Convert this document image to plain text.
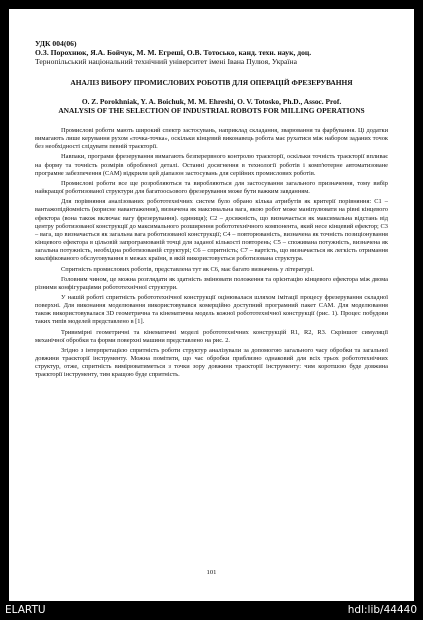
УДК 004(06)

О.З. Порохнюк, Я.А. Бойчук, М. М. Егреші, О.В. Тотосько, канд. техн. наук, доц.

Тернопільський національний технічний університет імені Івана Пулюя, Україна

АНАЛІЗ ВИБОРУ ПРОМИСЛОВИХ РОБОТІВ ДЛЯ ОПЕРАЦІЙ ФРЕЗЕРУВАННЯ

O. Z. Porokhniak, Y. A. Boichuk, M. M. Ehreshi, O. V. Totosko, Ph.D., Assoc. Prof.

ANALYSIS OF THE SELECTION OF INDUSTRIAL ROBOTS FOR MILLING OPERATIONS

Промислові роботи мають широкий спектр застосувань, наприклад складання, зварювання та фарбування. Ці додатки вимагають лише керування рухом «точка-точка», оскільки кінцевий виконавець робота має рухатися між набором заданих точок без необхідності слідувати певній траєкторії.

Навпаки, програми фрезерування вимагають безперервного контролю траєкторії, оскільки точність траєкторії впливає на форму та точність розмірів обробленої деталі. Останні досягнення в технології роботів і комп'ютерне автоматизоване програмне забезпечення (CAM) відкрили цей діапазон застосувань для серійних промислових роботів.

Промислові роботи все ще розробляються та виробляються для застосування загального призначення, тому вибір найкращої роботизованої структури для багатоосьового фрезерування може бути важким завданням.

Для порівняння аналізованих робототехнічних систем було обрано кілька атрибутів як критерії порівняння: С1 – вантажопідйомність (корисне навантаження), визначена як максимальна вага, якою робот може маніпулювати на рівні кінцевого ефектора (вона також включає вагу фрезерування). одиниця); С2 – досяжність, що визначається як максимальна відстань від центру роботизованої конструкції до максимального розширення робототехнічного компонента, який несе кінцевий ефектор; С3 – вага, що визначається як загальна вага роботизованої конструкції; С4 – повторюваність, визначена як точність позиціонування кінцевого ефектора в цільовій запрограмованій точці для заданої кількості повторень; С5 – споживана потужність, визначена як загальна потужність, необхідна роботизованій структурі; С6 – спритність; С7 – вартість, що визначається як легкість отримання кваліфікованого обслуговування в межах країни, в якій використовується роботизована структура.

Спритність промислових роботів, представлена тут як С6, має багато визначень у літературі.

Головним чином, це можна розглядати як здатність змінювати положення та орієнтацію кінцевого ефектора між двома різними конфігураціями робототехнічної структури.

У нашій роботі спритність робототехнічної конструкції оцінювалася шляхом імітації процесу фрезерування складної поверхні. Для виконання моделювання використовувався комерційно доступний програмний пакет CAM. Для моделювання також використовувалася 3D геометрична та кінематична модель кожної робототехнічної конструкції (рис. 1). Процес побудови таких типів моделей представлено в [1].

Тривимірні геометричні та кінематичні моделі робототехнічних конструкцій R1, R2, R3. Скріншот симуляції механічної обробки та форми поверхні машини представлено на рис. 2.

Згідно з інтерпретацією спритність роботи структур аналізували за допомогою загального часу обробки та загальної довжини траєкторії інструменту. Можна помітити, що час обробки приблизно однаковий для всіх трьох робототехнічних структур, отже, спритність вимірюватиметься з точки зору довжини траєкторії інструменту: чим коротшою буде довжина траєкторії інструменту, тим кращою буде спритність.

101
ELARTU	hdl:lib/44440
